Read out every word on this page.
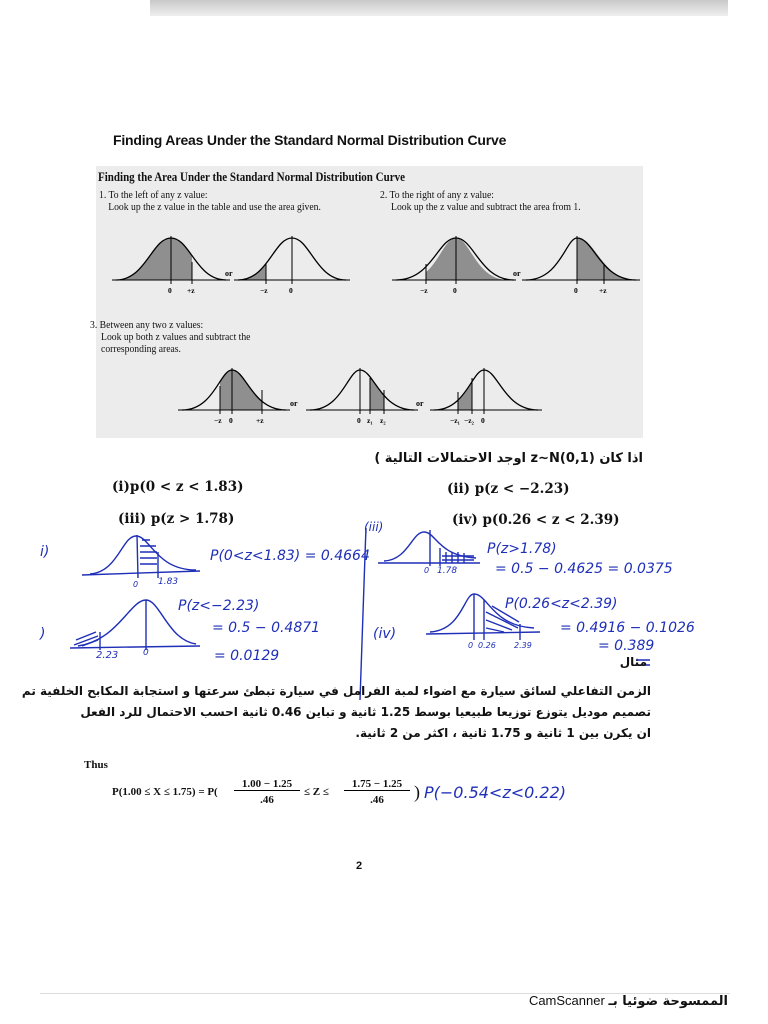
Finding Areas Under the Standard Normal Distribution Curve
Finding the Area Under the Standard Normal Distribution Curve
1. To the left of any z value:
Look up the z value in the table and use the area given.
2. To the right of any z value:
Look up the z value and subtract the area from 1.
3. Between any two z values:
Look up both z values and subtract the
corresponding areas.
0 +z	−z	0	−z	0	0	+z
−z 0	+z	0 z₁ z₂	−z₁ −z₂ 0
or	or
or	or
اذا كان z∼N(0,1) اوجد الاحتمالات التالية )
(i)p(0 < z < 1.83)	(ii) p(z < −2.23)
(iii) p(z > 1.78)	(iv) p(0.26 < z < 2.39)
i)
(iii)
)	(iv)
P(0<z<1.83) = 0.4664
1.83
0
P(z>1.78)
= 0.5 − 0.4625 = 0.0375
1.78
0
P(z<−2.23)
= 0.5 − 0.4871
= 0.0129
2.23	0
P(0.26<z<2.39)
= 0.4916 − 0.1026
= 0.389
0 0.26 2.39
مثال
الزمن التفاعلي لسائق سيارة مع اضواء لمبة الفرامل في سيارة تبطئ سرعتها و استجابة المكابح الخلفية تم
تصميم موديل يتوزع توزيعا طبيعيا بوسط 1.25 ثانية و تباين 0.46 ثانية احسب الاحتمال للرد الفعل
ان يكرن بين 1 ثانية و 1.75 ثانية ، اكثر من 2 ثانية.
Thus
P(1.00 ≤ X ≤ 1.75) = P(
1.00 − 1.25
.46
≤ Z ≤
1.75 − 1.25
.46	) P(−0.54<z<0.22)
2
الممسوحة ضوئيا بـ CamScanner
